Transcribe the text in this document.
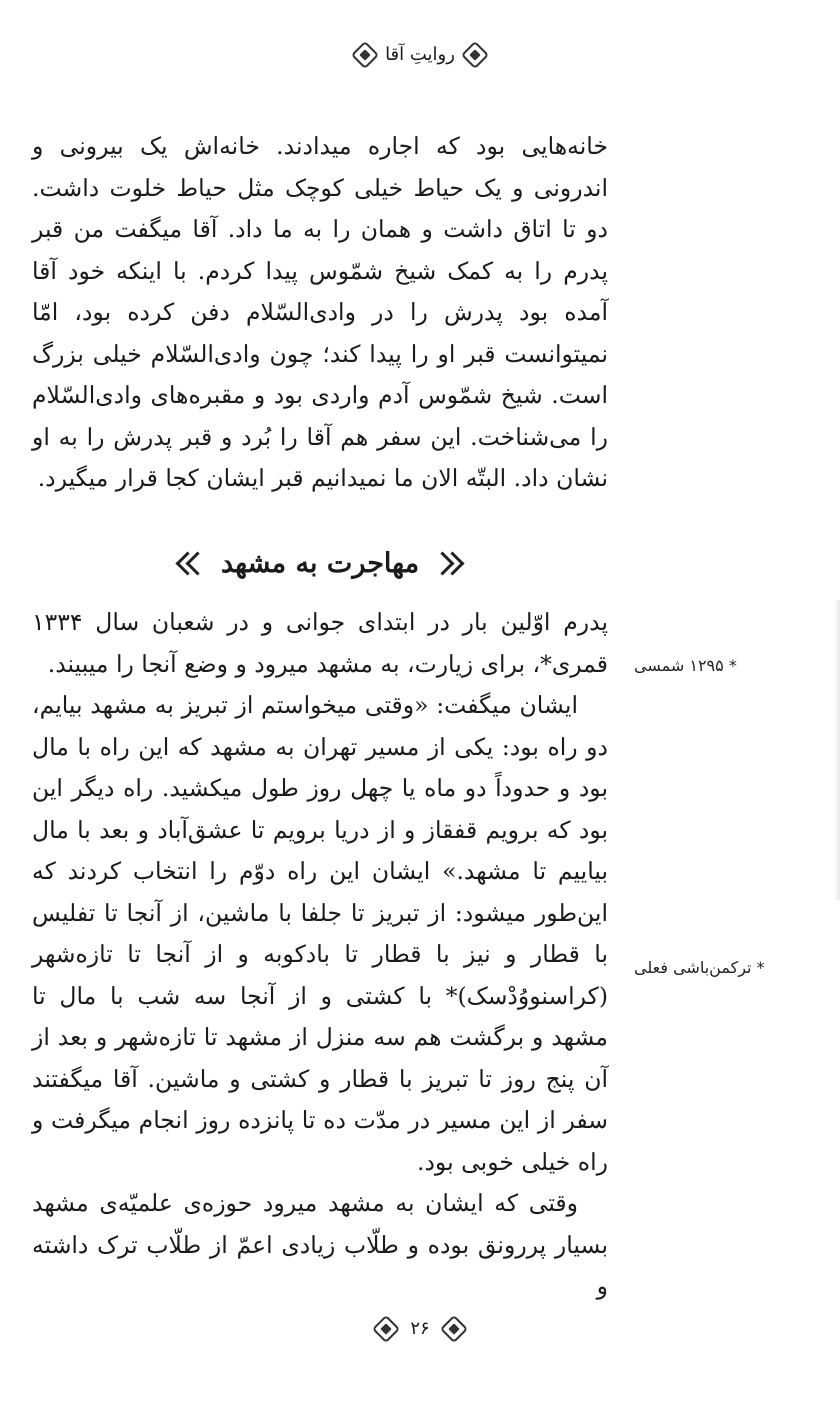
روایتِ آقا

خانه‌هایی بود که اجاره میدادند. خانه‌اش یک بیرونی و اندرونی و یک حیاط خیلی کوچک مثل حیاط خلوت داشت. دو تا اتاق داشت و همان را به ما داد. آقا میگفت من قبر پدرم را به کمک شیخ شمّوس پیدا کردم. با اینکه خود آقا آمده بود پدرش را در وادی‌السّلام دفن کرده بود، امّا نمیتوانست قبر او را پیدا کند؛ چون وادی‌السّلام خیلی بزرگ است. شیخ شمّوس آدم واردی بود و مقبره‌های وادی‌السّلام را می‌شناخت. این سفر هم آقا را بُرد و قبر پدرش را به او نشان داد. البتّه الان ما نمیدانیم قبر ایشان کجا قرار میگیرد.

مهاجرت به مشهد

پدرم اوّلین بار در ابتدای جوانی و در شعبان سال ۱۳۳۴ قمری*، برای زیارت، به مشهد میرود و وضع آنجا را میبیند.

ایشان میگفت: «وقتی میخواستم از تبریز به مشهد بیایم، دو راه بود: یکی از مسیر تهران به مشهد که این راه با مال بود و حدوداً دو ماه یا چهل روز طول میکشید. راه دیگر این بود که برویم قفقاز و از دریا برویم تا عشق‌آباد و بعد با مال بیاییم تا مشهد.» ایشان این راه دوّم را انتخاب کردند که این‌طور میشود: از تبریز تا جلفا با ماشین، از آنجا تا تفلیس با قطار و نیز با قطار تا بادکوبه و از آنجا تا تازه‌شهر (کراسنووُدْسک)* با کشتی و از آنجا سه شب با مال تا مشهد و برگشت هم سه منزل از مشهد تا تازه‌شهر و بعد از آن پنج روز تا تبریز با قطار و کشتی و ماشین. آقا میگفتند سفر از این مسیر در مدّت ده تا پانزده روز انجام میگرفت و راه خیلی خوبی بود.

وقتی که ایشان به مشهد میرود حوزه‌ی علمیّه‌ی مشهد بسیار پررونق بوده و طلّاب زیادی اعمّ از طلّاب ترک داشته و

* ۱۲۹۵ شمسی
* ترکمن‌باشی فعلی
۲۶
